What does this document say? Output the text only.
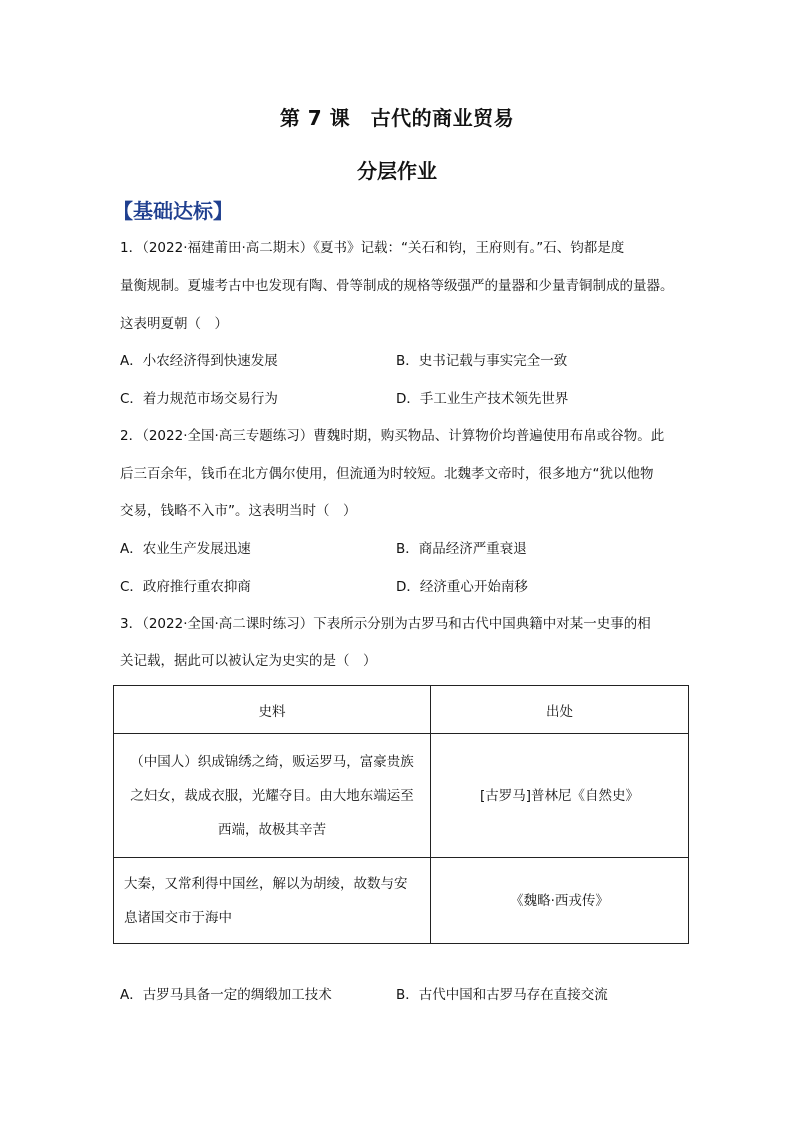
第 7 课　古代的商业贸易
分层作业
【基础达标】
1．（2022·福建莆田·高二期末）《夏书》记载：“关石和钧，王府则有。”石、钧都是度
量衡规制。夏墟考古中也发现有陶、骨等制成的规格等级强严的量器和少量青铜制成的量器。
这表明夏朝（　）
A．小农经济得到快速发展	B．史书记载与事实完全一致
C．着力规范市场交易行为	D．手工业生产技术领先世界
2．（2022·全国·高三专题练习）曹魏时期，购买物品、计算物价均普遍使用布帛或谷物。此
后三百余年，钱币在北方偶尔使用，但流通为时较短。北魏孝文帝时，很多地方“犹以他物
交易，钱略不入市”。这表明当时（　）
A．农业生产发展迅速	B．商品经济严重衰退
C．政府推行重农抑商	D．经济重心开始南移
3．（2022·全国·高二课时练习）下表所示分别为古罗马和古代中国典籍中对某一史事的相
关记载，据此可以被认定为史实的是（　）
史料	出处

（中国人）织成锦绣之绮，贩运罗马，富豪贵族
之妇女，裁成衣服，光耀夺目。由大地东端运至
西端，故极其辛苦	[古罗马]普林尼《自然史》

大秦，又常利得中国丝，解以为胡绫，故数与安
息诸国交市于海中	《魏略·西戎传》
A．古罗马具备一定的绸缎加工技术	B．古代中国和古罗马存在直接交流
